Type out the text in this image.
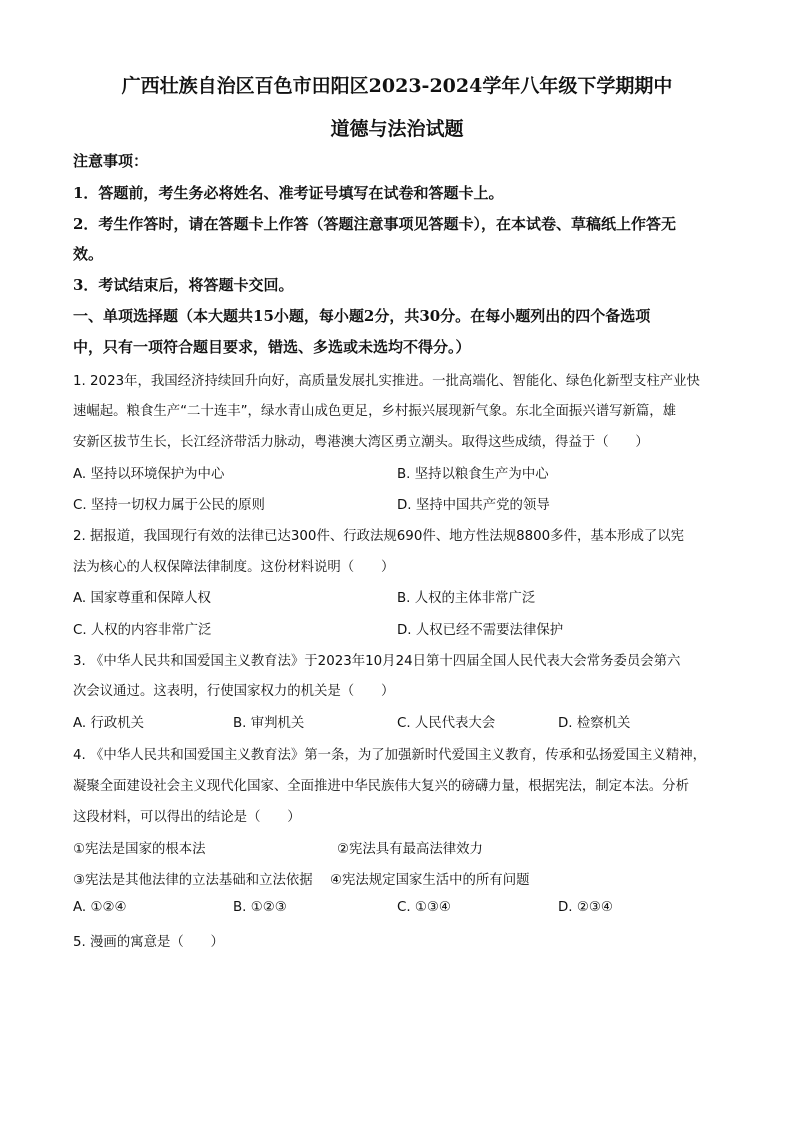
广西壮族自治区百色市田阳区2023-2024学年八年级下学期期中
道德与法治试题
注意事项：
1．答题前，考生务必将姓名、准考证号填写在试卷和答题卡上。
2．考生作答时，请在答题卡上作答（答题注意事项见答题卡），在本试卷、草稿纸上作答无
效。
3．考试结束后，将答题卡交回。
一、单项选择题（本大题共15小题，每小题2分，共30分。在每小题列出的四个备选项
中，只有一项符合题目要求，错选、多选或未选均不得分。）
1. 2023年，我国经济持续回升向好，高质量发展扎实推进。一批高端化、智能化、绿色化新型支柱产业快
速崛起。粮食生产“二十连丰”，绿水青山成色更足，乡村振兴展现新气象。东北全面振兴谱写新篇，雄
安新区拔节生长，长江经济带活力脉动，粤港澳大湾区勇立潮头。取得这些成绩，得益于（　　）
A. 坚持以环境保护为中心	B. 坚持以粮食生产为中心
C. 坚持一切权力属于公民的原则	D. 坚持中国共产党的领导
2. 据报道，我国现行有效的法律已达300件、行政法规690件、地方性法规8800多件，基本形成了以宪
法为核心的人权保障法律制度。这份材料说明（　　）
A. 国家尊重和保障人权	B. 人权的主体非常广泛
C. 人权的内容非常广泛	D. 人权已经不需要法律保护
3. 《中华人民共和国爱国主义教育法》于2023年10月24日第十四届全国人民代表大会常务委员会第六
次会议通过。这表明，行使国家权力的机关是（　　）
A. 行政机关	B. 审判机关	C. 人民代表大会	D. 检察机关
4. 《中华人民共和国爱国主义教育法》第一条，为了加强新时代爱国主义教育，传承和弘扬爱国主义精神，
凝聚全面建设社会主义现代化国家、全面推进中华民族伟大复兴的磅礴力量，根据宪法，制定本法。分析
这段材料，可以得出的结论是（　　）
①宪法是国家的根本法	②宪法具有最高法律效力
③宪法是其他法律的立法基础和立法依据 ④宪法规定国家生活中的所有问题
A. ①②④	B. ①②③	C. ①③④	D. ②③④
5. 漫画的寓意是（　　）
